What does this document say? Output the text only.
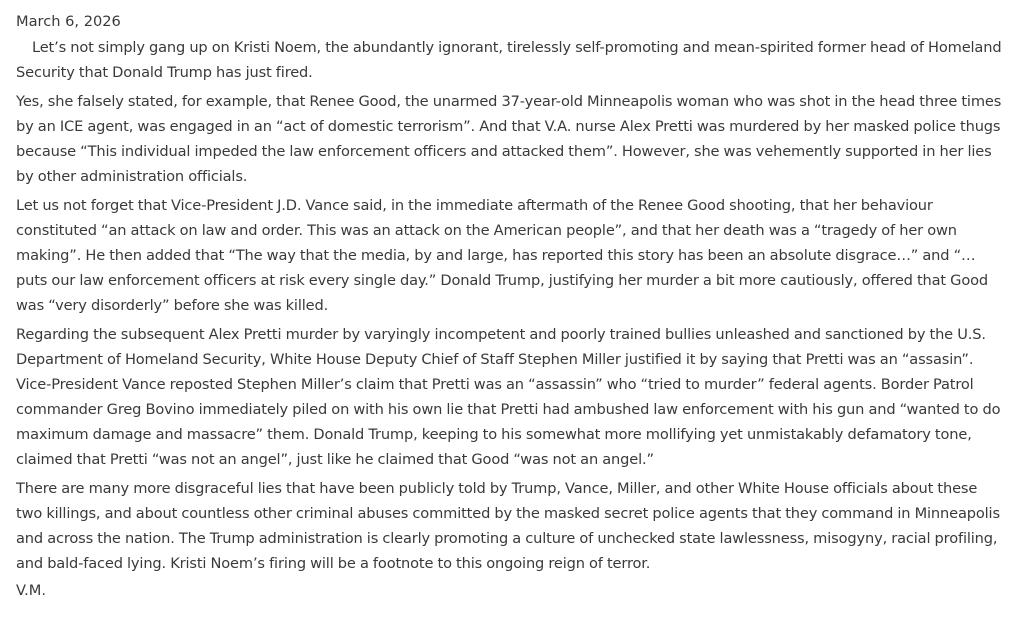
March 6, 2026

Let’s not simply gang up on Kristi Noem, the abundantly ignorant, tirelessly self-promoting and mean-spirited former head of Homeland Security that Donald Trump has just fired.

Yes, she falsely stated, for example, that Renee Good, the unarmed 37-year-old Minneapolis woman who was shot in the head three times by an ICE agent, was engaged in an “act of domestic terrorism”. And that V.A. nurse Alex Pretti was murdered by her masked police thugs because “This individual impeded the law enforcement officers and attacked them”. However, she was vehemently supported in her lies by other administration officials.

Let us not forget that Vice-President J.D. Vance said, in the immediate aftermath of the Renee Good shooting, that her behaviour constituted “an attack on law and order. This was an attack on the American people”, and that her death was a “tragedy of her own making”. He then added that “The way that the media, by and large, has reported this story has been an absolute disgrace…” and “…puts our law enforcement officers at risk every single day.” Donald Trump, justifying her murder a bit more cautiously, offered that Good was “very disorderly” before she was killed.

Regarding the subsequent Alex Pretti murder by varyingly incompetent and poorly trained bullies unleashed and sanctioned by the U.S. Department of Homeland Security, White House Deputy Chief of Staff Stephen Miller justified it by saying that Pretti was an “assasin”. Vice-President Vance reposted Stephen Miller’s claim that Pretti was an “assassin” who “tried to murder” federal agents. Border Patrol commander Greg Bovino immediately piled on with his own lie that Pretti had ambushed law enforcement with his gun and “wanted to do maximum damage and massacre” them. Donald Trump, keeping to his somewhat more mollifying yet unmistakably defamatory tone, claimed that Pretti “was not an angel”, just like he claimed that Good “was not an angel.”

There are many more disgraceful lies that have been publicly told by Trump, Vance, Miller, and other White House officials about these two killings, and about countless other criminal abuses committed by the masked secret police agents that they command in Minneapolis and across the nation. The Trump administration is clearly promoting a culture of unchecked state lawlessness, misogyny, racial profiling, and bald-faced lying. Kristi Noem’s firing will be a footnote to this ongoing reign of terror.

V.M.
